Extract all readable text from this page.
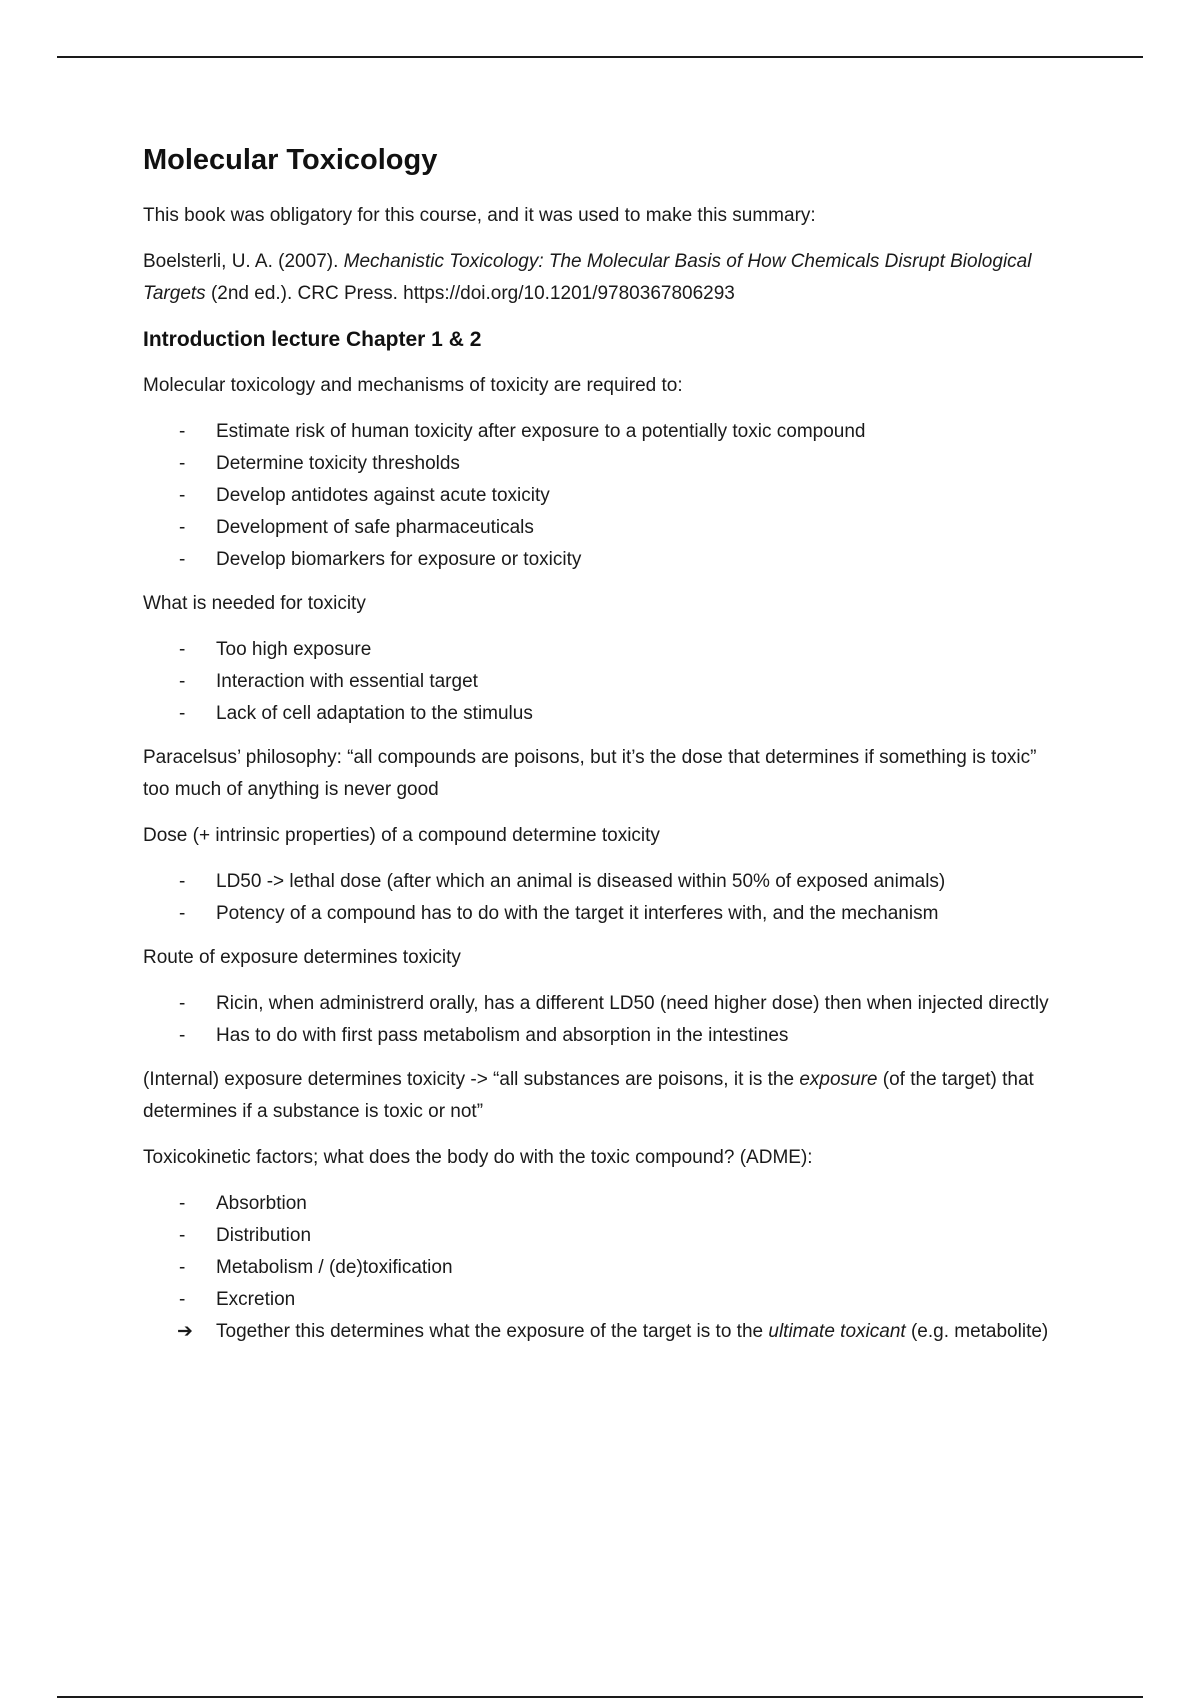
Molecular Toxicology

This book was obligatory for this course, and it was used to make this summary:

Boelsterli, U. A. (2007). Mechanistic Toxicology: The Molecular Basis of How Chemicals Disrupt Biological Targets (2nd ed.). CRC Press. https://doi.org/10.1201/9780367806293

Introduction lecture Chapter 1 & 2

Molecular toxicology and mechanisms of toxicity are required to:

-	Estimate risk of human toxicity after exposure to a potentially toxic compound
-	Determine toxicity thresholds
-	Develop antidotes against acute toxicity
-	Development of safe pharmaceuticals
-	Develop biomarkers for exposure or toxicity

What is needed for toxicity

-	Too high exposure
-	Interaction with essential target
-	Lack of cell adaptation to the stimulus

Paracelsus’ philosophy: “all compounds are poisons, but it’s the dose that determines if something is toxic” too much of anything is never good

Dose (+ intrinsic properties) of a compound determine toxicity

-	LD50 -> lethal dose (after which an animal is diseased within 50% of exposed animals)
-	Potency of a compound has to do with the target it interferes with, and the mechanism

Route of exposure determines toxicity

-	Ricin, when administrerd orally, has a different LD50 (need higher dose) then when injected directly
-	Has to do with first pass metabolism and absorption in the intestines

(Internal) exposure determines toxicity -> “all substances are poisons, it is the exposure (of the target) that determines if a substance is toxic or not”

Toxicokinetic factors; what does the body do with the toxic compound? (ADME):

-	Absorbtion
-	Distribution
-	Metabolism / (de)toxification
-	Excretion
➔ Together this determines what the exposure of the target is to the ultimate toxicant (e.g. metabolite)
